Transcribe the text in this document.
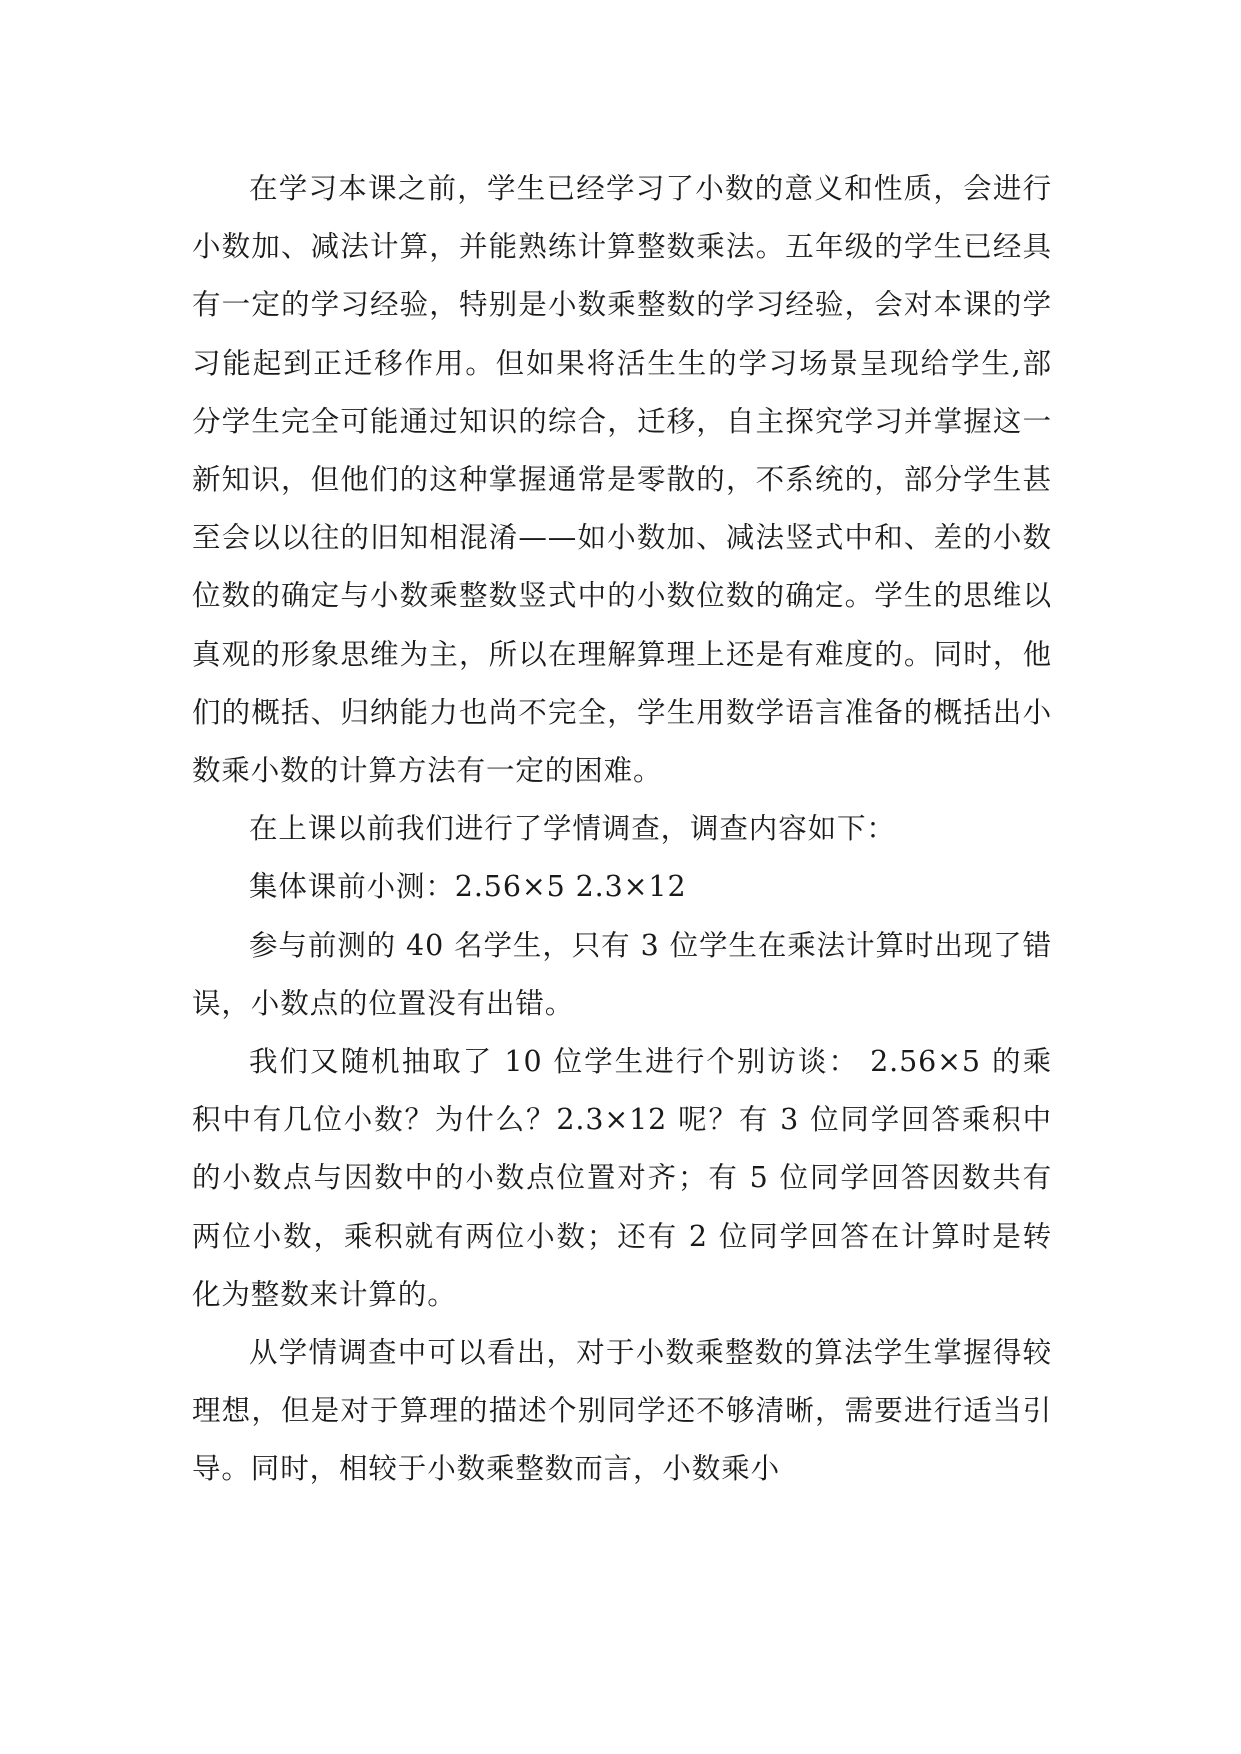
在学习本课之前，学生已经学习了小数的意义和性质，会进行小数加、减法计算，并能熟练计算整数乘法。五年级的学生已经具有一定的学习经验，特别是小数乘整数的学习经验，会对本课的学习能起到正迁移作用。但如果将活生生的学习场景呈现给学生,部分学生完全可能通过知识的综合，迁移，自主探究学习并掌握这一新知识，但他们的这种掌握通常是零散的，不系统的，部分学生甚至会以以往的旧知相混淆——如小数加、减法竖式中和、差的小数位数的确定与小数乘整数竖式中的小数位数的确定。学生的思维以真观的形象思维为主，所以在理解算理上还是有难度的。同时，他们的概括、归纳能力也尚不完全，学生用数学语言准备的概括出小数乘小数的计算方法有一定的困难。

在上课以前我们进行了学情调查，调查内容如下：

集体课前小测：2.56×5 2.3×12

参与前测的 40 名学生，只有 3 位学生在乘法计算时出现了错误，小数点的位置没有出错。

我们又随机抽取了 10 位学生进行个别访谈： 2.56×5 的乘积中有几位小数？为什么？2.3×12 呢？有 3 位同学回答乘积中的小数点与因数中的小数点位置对齐；有 5 位同学回答因数共有两位小数，乘积就有两位小数；还有 2 位同学回答在计算时是转化为整数来计算的。

从学情调查中可以看出，对于小数乘整数的算法学生掌握得较理想，但是对于算理的描述个别同学还不够清晰，需要进行适当引导。同时，相较于小数乘整数而言，小数乘小
